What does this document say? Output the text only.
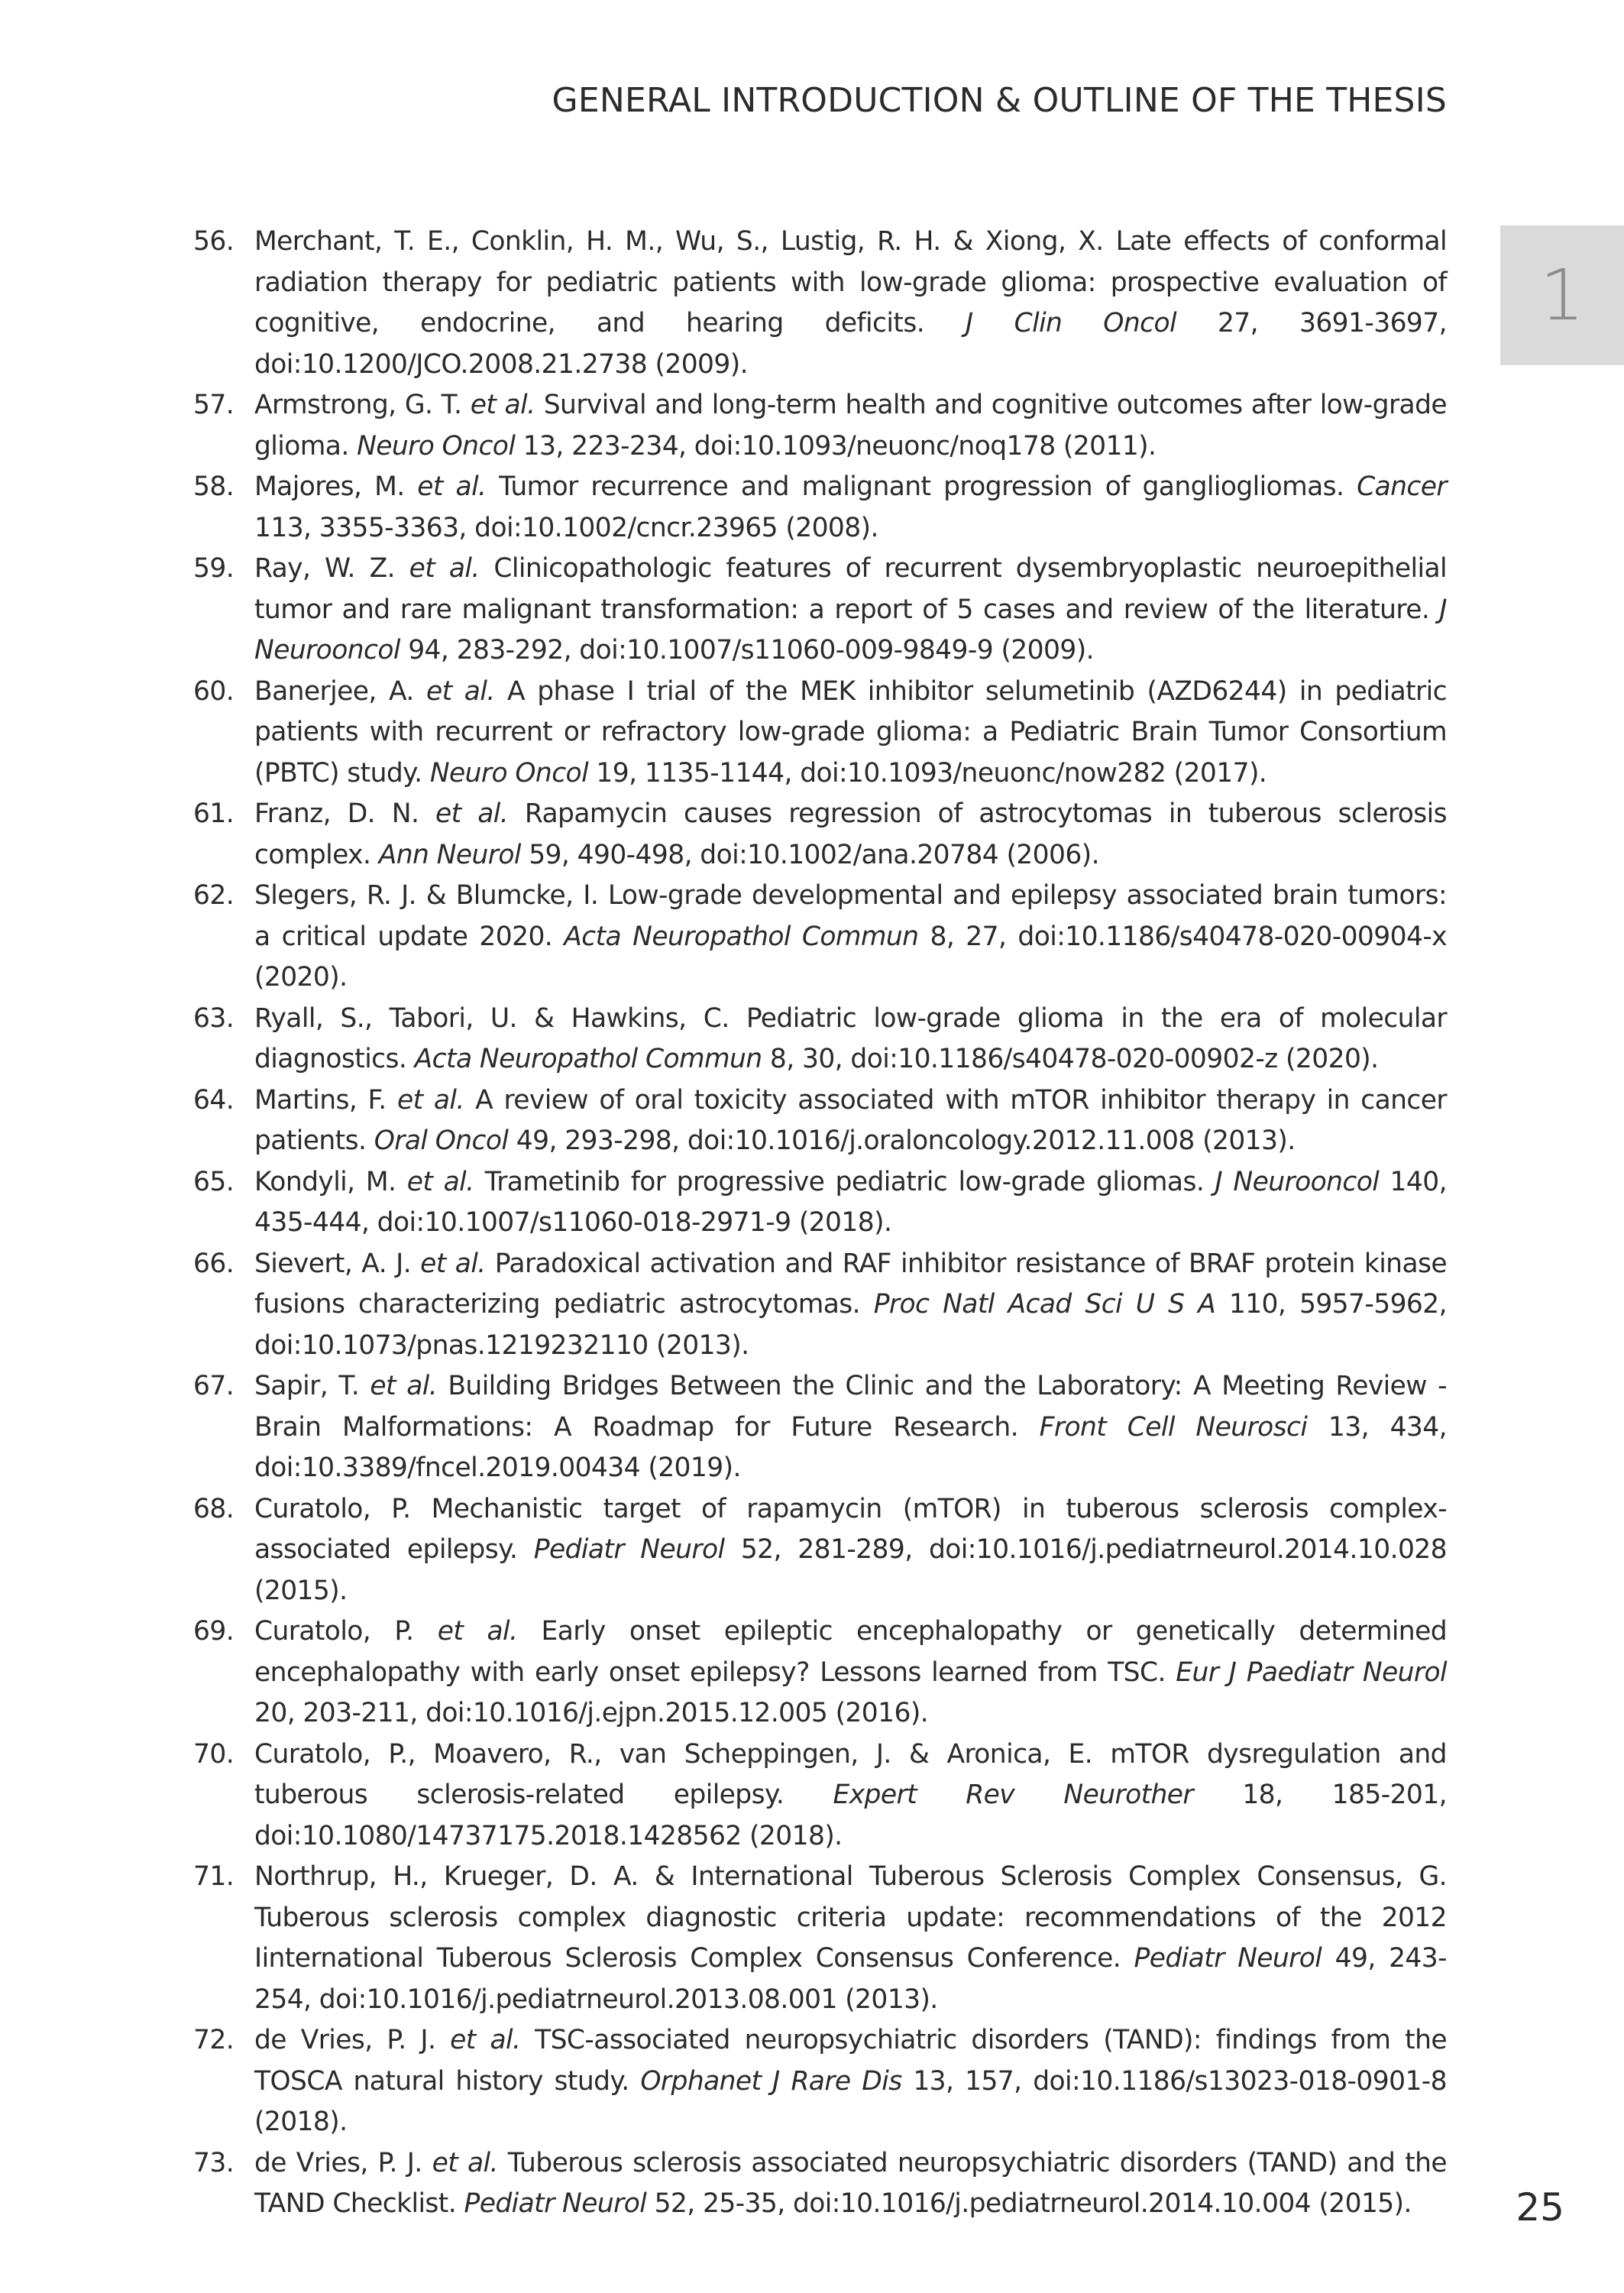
GENERAL INTRODUCTION & OUTLINE OF THE THESIS
1
56. Merchant, T. E., Conklin, H. M., Wu, S., Lustig, R. H. & Xiong, X. Late effects of conformal radiation therapy for pediatric patients with low-grade glioma: prospective evaluation of cognitive, endocrine, and hearing deficits. J Clin Oncol 27, 3691-3697, doi:10.1200/JCO.2008.21.2738 (2009).
57. Armstrong, G. T. et al. Survival and long-term health and cognitive outcomes after low-grade glioma. Neuro Oncol 13, 223-234, doi:10.1093/neuonc/noq178 (2011).
58. Majores, M. et al. Tumor recurrence and malignant progression of gangliogliomas. Cancer 113, 3355-3363, doi:10.1002/cncr.23965 (2008).
59. Ray, W. Z. et al. Clinicopathologic features of recurrent dysembryoplastic neuroepithelial tumor and rare malignant transformation: a report of 5 cases and review of the literature. J Neurooncol 94, 283-292, doi:10.1007/s11060-009-9849-9 (2009).
60. Banerjee, A. et al. A phase I trial of the MEK inhibitor selumetinib (AZD6244) in pediatric patients with recurrent or refractory low-grade glioma: a Pediatric Brain Tumor Consortium (PBTC) study. Neuro Oncol 19, 1135-1144, doi:10.1093/neuonc/now282 (2017).
61. Franz, D. N. et al. Rapamycin causes regression of astrocytomas in tuberous sclerosis complex. Ann Neurol 59, 490-498, doi:10.1002/ana.20784 (2006).
62. Slegers, R. J. & Blumcke, I. Low-grade developmental and epilepsy associated brain tumors: a critical update 2020. Acta Neuropathol Commun 8, 27, doi:10.1186/s40478-020-00904-x (2020).
63. Ryall, S., Tabori, U. & Hawkins, C. Pediatric low-grade glioma in the era of molecular diagnostics. Acta Neuropathol Commun 8, 30, doi:10.1186/s40478-020-00902-z (2020).
64. Martins, F. et al. A review of oral toxicity associated with mTOR inhibitor therapy in cancer patients. Oral Oncol 49, 293-298, doi:10.1016/j.oraloncology.2012.11.008 (2013).
65. Kondyli, M. et al. Trametinib for progressive pediatric low-grade gliomas. J Neurooncol 140, 435-444, doi:10.1007/s11060-018-2971-9 (2018).
66. Sievert, A. J. et al. Paradoxical activation and RAF inhibitor resistance of BRAF protein kinase fusions characterizing pediatric astrocytomas. Proc Natl Acad Sci U S A 110, 5957-5962, doi:10.1073/pnas.1219232110 (2013).
67. Sapir, T. et al. Building Bridges Between the Clinic and the Laboratory: A Meeting Review - Brain Malformations: A Roadmap for Future Research. Front Cell Neurosci 13, 434, doi:10.3389/fncel.2019.00434 (2019).
68. Curatolo, P. Mechanistic target of rapamycin (mTOR) in tuberous sclerosis complex-associated epilepsy. Pediatr Neurol 52, 281-289, doi:10.1016/j.pediatrneurol.2014.10.028 (2015).
69. Curatolo, P. et al. Early onset epileptic encephalopathy or genetically determined encephalopathy with early onset epilepsy? Lessons learned from TSC. Eur J Paediatr Neurol 20, 203-211, doi:10.1016/j.ejpn.2015.12.005 (2016).
70. Curatolo, P., Moavero, R., van Scheppingen, J. & Aronica, E. mTOR dysregulation and tuberous sclerosis-related epilepsy. Expert Rev Neurother 18, 185-201, doi:10.1080/14737175.2018.1428562 (2018).
71. Northrup, H., Krueger, D. A. & International Tuberous Sclerosis Complex Consensus, G. Tuberous sclerosis complex diagnostic criteria update: recommendations of the 2012 Iinternational Tuberous Sclerosis Complex Consensus Conference. Pediatr Neurol 49, 243-254, doi:10.1016/j.pediatrneurol.2013.08.001 (2013).
72. de Vries, P. J. et al. TSC-associated neuropsychiatric disorders (TAND): findings from the TOSCA natural history study. Orphanet J Rare Dis 13, 157, doi:10.1186/s13023-018-0901-8 (2018).
73. de Vries, P. J. et al. Tuberous sclerosis associated neuropsychiatric disorders (TAND) and the TAND Checklist. Pediatr Neurol 52, 25-35, doi:10.1016/j.pediatrneurol.2014.10.004 (2015).	25
